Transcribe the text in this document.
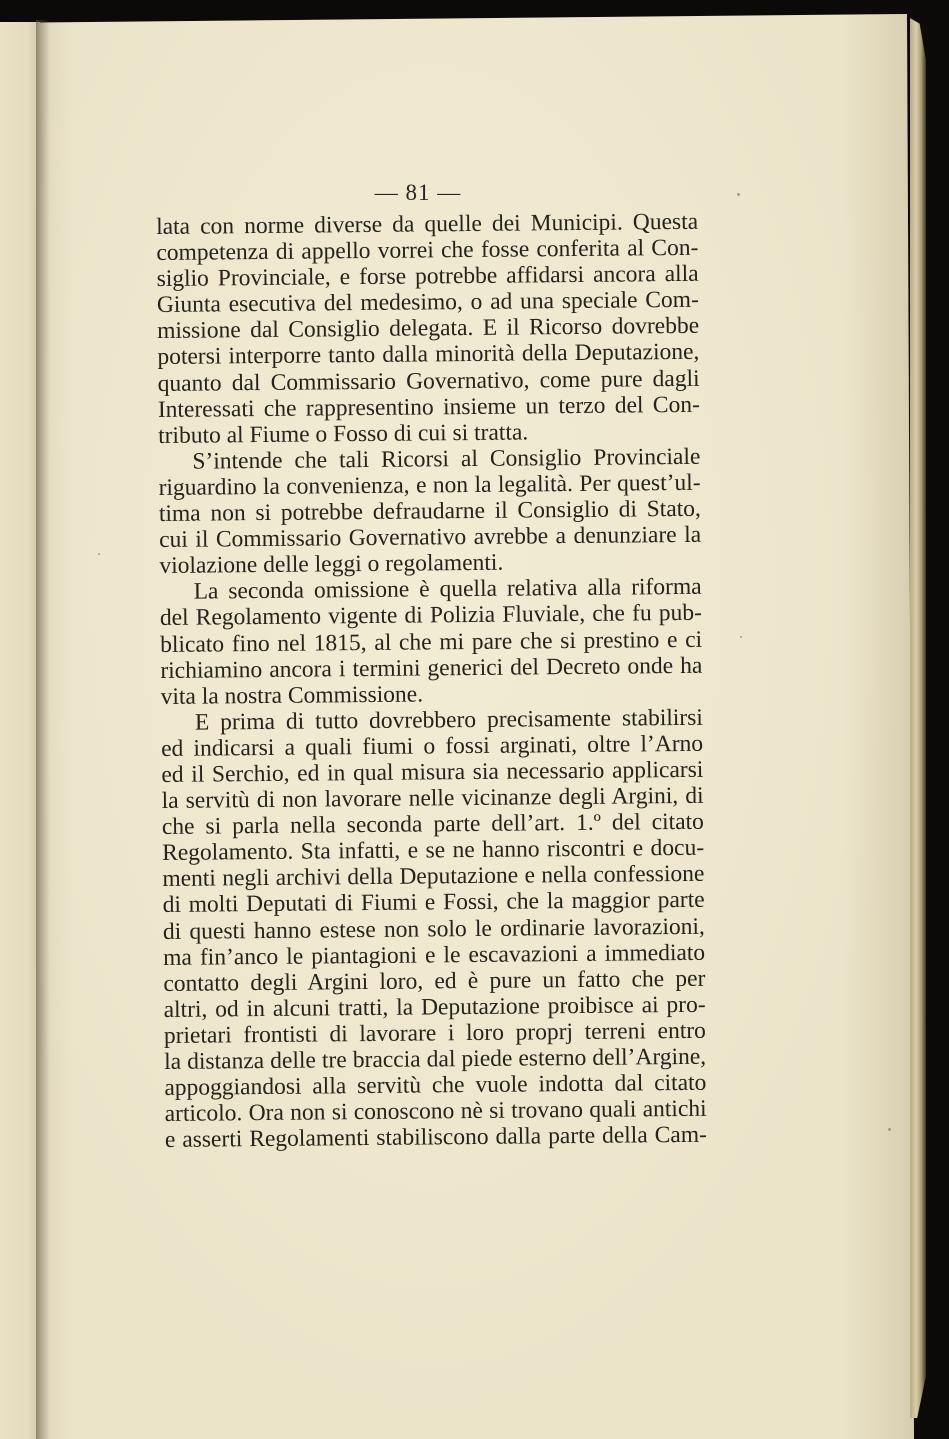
— 81 —
lata con norme diverse da quelle dei Municipi. Questa
competenza di appello vorrei che fosse conferita al Con-
siglio Provinciale, e forse potrebbe affidarsi ancora alla
Giunta esecutiva del medesimo, o ad una speciale Com-
missione dal Consiglio delegata. E il Ricorso dovrebbe
potersi interporre tanto dalla minorità della Deputazione,
quanto dal Commissario Governativo, come pure dagli
Interessati che rappresentino insieme un terzo del Con-
tributo al Fiume o Fosso di cui si tratta.
S’intende che tali Ricorsi al Consiglio Provinciale
riguardino la convenienza, e non la legalità. Per quest’ul-
tima non si potrebbe defraudarne il Consiglio di Stato,
cui il Commissario Governativo avrebbe a denunziare la
violazione delle leggi o regolamenti.
La seconda omissione è quella relativa alla riforma
del Regolamento vigente di Polizia Fluviale, che fu pub-
blicato fino nel 1815, al che mi pare che si prestino e ci
richiamino ancora i termini generici del Decreto onde ha
vita la nostra Commissione.
E prima di tutto dovrebbero precisamente stabilirsi
ed indicarsi a quali fiumi o fossi arginati, oltre l’Arno
ed il Serchio, ed in qual misura sia necessario applicarsi
la servitù di non lavorare nelle vicinanze degli Argini, di
che si parla nella seconda parte dell’art. 1.º del citato
Regolamento. Sta infatti, e se ne hanno riscontri e docu-
menti negli archivi della Deputazione e nella confessione
di molti Deputati di Fiumi e Fossi, che la maggior parte
di questi hanno estese non solo le ordinarie lavorazioni,
ma fin’anco le piantagioni e le escavazioni a immediato
contatto degli Argini loro, ed è pure un fatto che per
altri, od in alcuni tratti, la Deputazione proibisce ai pro-
prietari frontisti di lavorare i loro proprj terreni entro
la distanza delle tre braccia dal piede esterno dell’Argine,
appoggiandosi alla servitù che vuole indotta dal citato
articolo. Ora non si conoscono nè si trovano quali antichi
e asserti Regolamenti stabiliscono dalla parte della Cam-
